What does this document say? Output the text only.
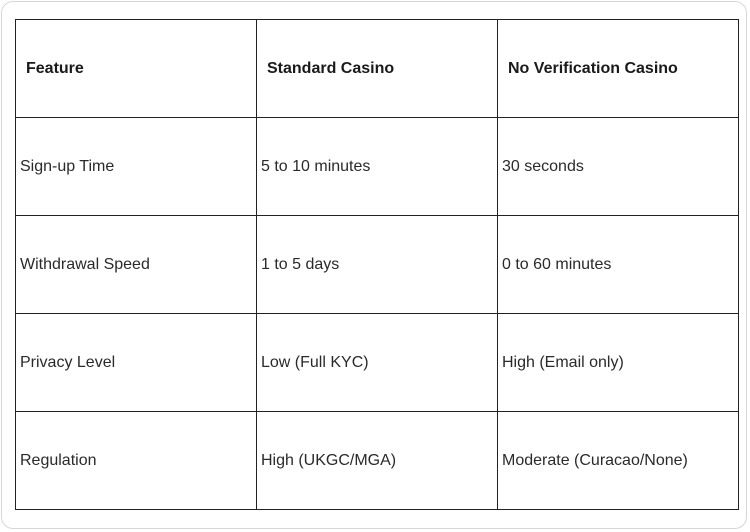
Feature	Standard Casino	No Verification Casino
Sign-up Time	5 to 10 minutes	30 seconds
Withdrawal Speed	1 to 5 days	0 to 60 minutes
Privacy Level	Low (Full KYC)	High (Email only)
Regulation	High (UKGC/MGA)	Moderate (Curacao/None)
